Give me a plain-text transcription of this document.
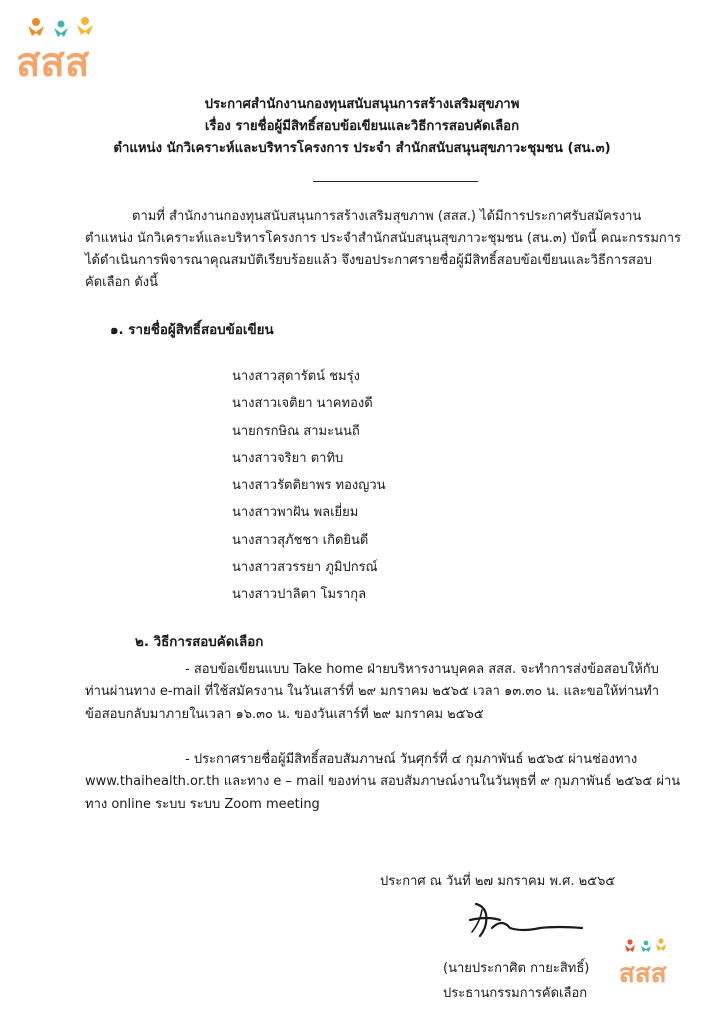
สสส
ประกาศสำนักงานกองทุนสนับสนุนการสร้างเสริมสุขภาพ
เรื่อง รายชื่อผู้มีสิทธิ์สอบข้อเขียนและวิธีการสอบคัดเลือก
ตำแหน่ง นักวิเคราะห์และบริหารโครงการ ประจำ สำนักสนับสนุนสุขภาวะชุมชน (สน.๓)
ตามที่ สำนักงานกองทุนสนับสนุนการสร้างเสริมสุขภาพ (สสส.) ได้มีการประกาศรับสมัครงาน
ตำแหน่ง นักวิเคราะห์และบริหารโครงการ ประจำสำนักสนับสนุนสุขภาวะชุมชน (สน.๓) บัดนี้ คณะกรรมการ
ได้ดำเนินการพิจารณาคุณสมบัติเรียบร้อยแล้ว จึงขอประกาศรายชื่อผู้มีสิทธิ์สอบข้อเขียนและวิธีการสอบ
คัดเลือก ดังนี้
๑. รายชื่อผู้สิทธิ์สอบข้อเขียน
นางสาวสุดารัตน์ ชมรุ่ง
นางสาวเจติยา นาคทองดี
นายกรกษิณ สามะนนถี
นางสาวจริยา ตาทิบ
นางสาวรัตติยาพร ทองญวน
นางสาวพาฝัน พลเยี่ยม
นางสาวสุภัชชา เกิดยินดี
นางสาวสวรรยา ภูมิปกรณ์
นางสาวปาลิตา โมรากุล
๒. วิธีการสอบคัดเลือก
- สอบข้อเขียนแบบ Take home ฝ่ายบริหารงานบุคคล สสส. จะทำการส่งข้อสอบให้กับ
ท่านผ่านทาง e-mail ที่ใช้สมัครงาน ในวันเสาร์ที่ ๒๙ มกราคม ๒๕๖๕ เวลา ๑๓.๓๐ น. และขอให้ท่านทำ
ข้อสอบกลับมาภายในเวลา ๑๖.๓๐ น. ของวันเสาร์ที่ ๒๙ มกราคม ๒๕๖๕
- ประกาศรายชื่อผู้มีสิทธิ์สอบสัมภาษณ์ วันศุกร์ที่ ๔ กุมภาพันธ์ ๒๕๖๕ ผ่านช่องทาง
www.thaihealth.or.th และทาง e – mail ของท่าน สอบสัมภาษณ์งานในวันพุธที่ ๙ กุมภาพันธ์ ๒๕๖๕ ผ่าน
ทาง online ระบบ ระบบ Zoom meeting
ประกาศ ณ วันที่ ๒๗ มกราคม พ.ศ. ๒๕๖๕
(นายประกาศิต กายะสิทธิ์)
ประธานกรรมการคัดเลือก
สสส
